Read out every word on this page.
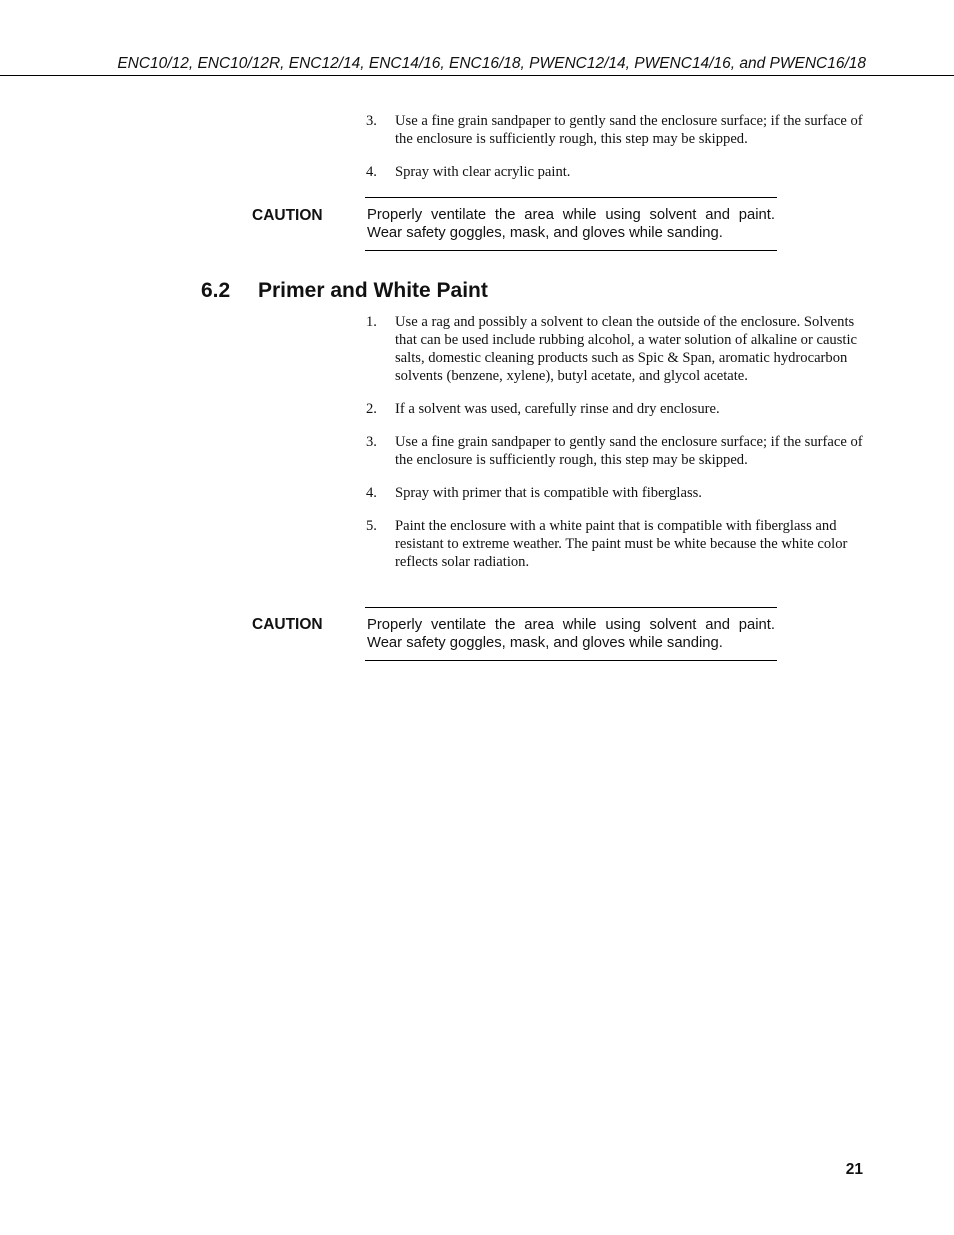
ENC10/12, ENC10/12R, ENC12/14, ENC14/16, ENC16/18, PWENC12/14, PWENC14/16, and PWENC16/18
3. Use a fine grain sandpaper to gently sand the enclosure surface; if the surface of the enclosure is sufficiently rough, this step may be skipped.
4. Spray with clear acrylic paint.
CAUTION	Properly ventilate the area while using solvent and paint. Wear safety goggles, mask, and gloves while sanding.
6.2 Primer and White Paint
1. Use a rag and possibly a solvent to clean the outside of the enclosure. Solvents that can be used include rubbing alcohol, a water solution of alkaline or caustic salts, domestic cleaning products such as Spic & Span, aromatic hydrocarbon solvents (benzene, xylene), butyl acetate, and glycol acetate.
2. If a solvent was used, carefully rinse and dry enclosure.
3. Use a fine grain sandpaper to gently sand the enclosure surface; if the surface of the enclosure is sufficiently rough, this step may be skipped.
4. Spray with primer that is compatible with fiberglass.
5. Paint the enclosure with a white paint that is compatible with fiberglass and resistant to extreme weather. The paint must be white because the white color reflects solar radiation.
CAUTION	Properly ventilate the area while using solvent and paint. Wear safety goggles, mask, and gloves while sanding.
21
